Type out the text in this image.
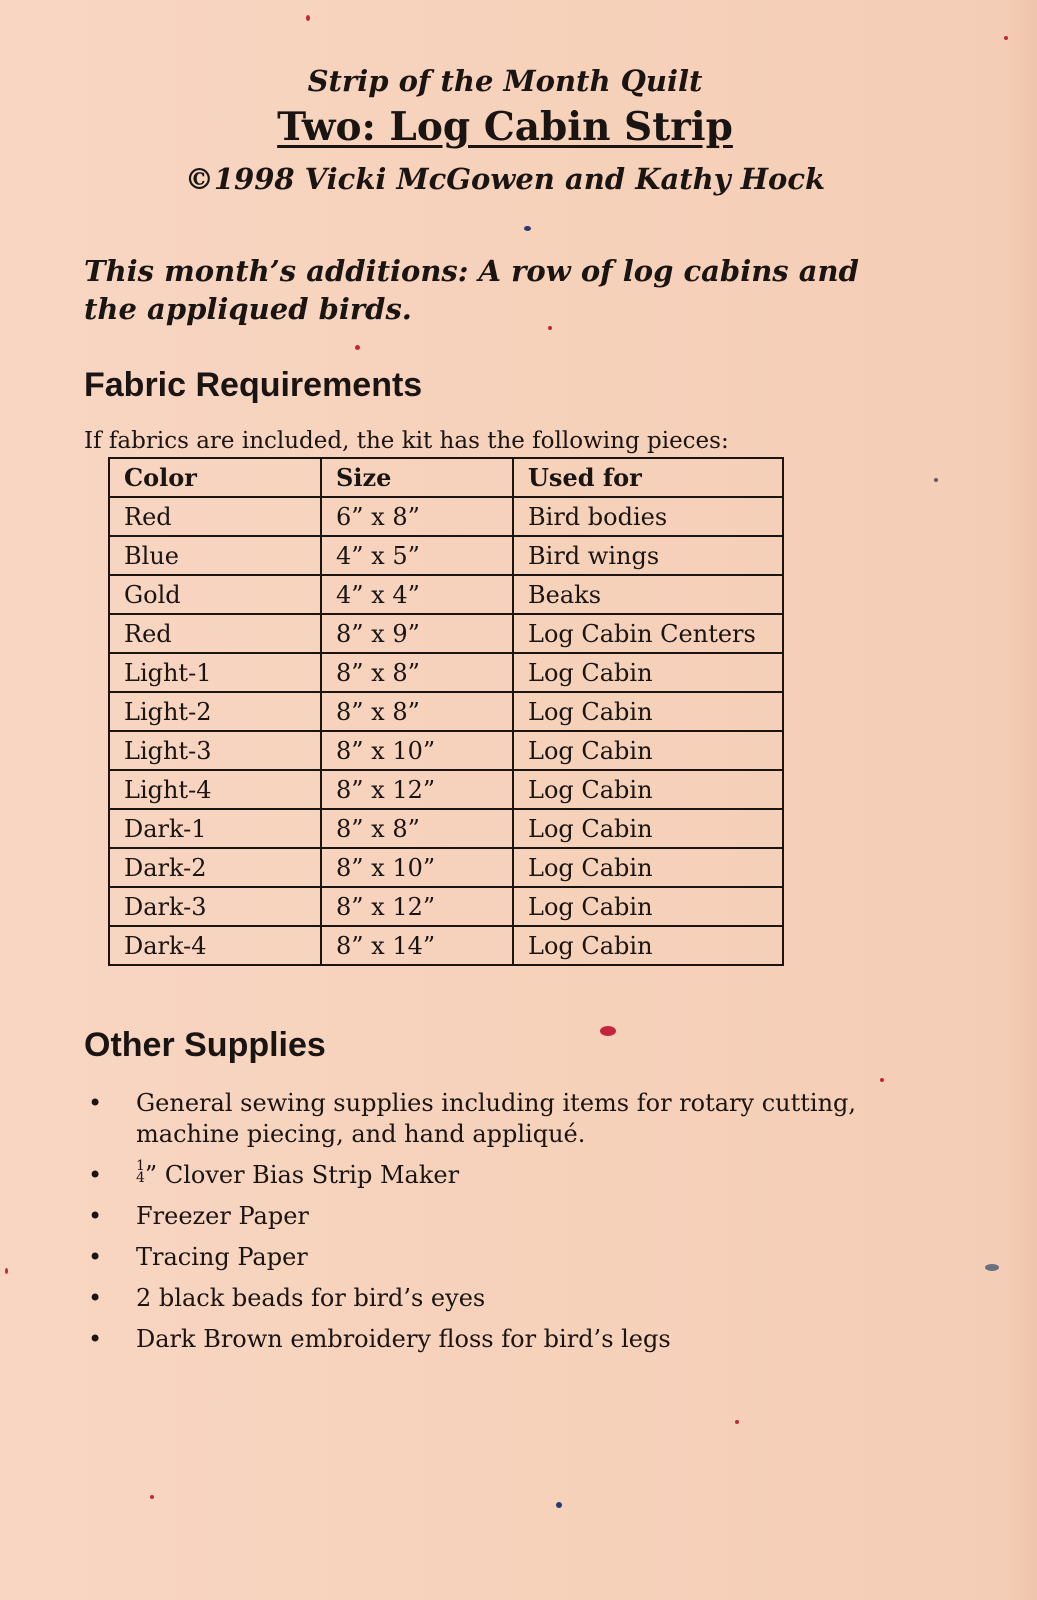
Strip of the Month Quilt
Two: Log Cabin Strip
©1998 Vicki McGowen and Kathy Hock
This month’s additions: A row of log cabins and the appliqued birds.
Fabric Requirements
If fabrics are included, the kit has the following pieces:
Color	Size	Used for
Red	6” x 8”	Bird bodies
Blue	4” x 5”	Bird wings
Gold	4” x 4”	Beaks
Red	8” x 9”	Log Cabin Centers
Light-1	8” x 8”	Log Cabin
Light-2	8” x 8”	Log Cabin
Light-3	8” x 10”	Log Cabin
Light-4	8” x 12”	Log Cabin
Dark-1	8” x 8”	Log Cabin
Dark-2	8” x 10”	Log Cabin
Dark-3	8” x 12”	Log Cabin
Dark-4	8” x 14”	Log Cabin
Other Supplies
• General sewing supplies including items for rotary cutting, machine piecing, and hand appliqué.
• 1
4” Clover Bias Strip Maker
• Freezer Paper
• Tracing Paper
• 2 black beads for bird’s eyes
• Dark Brown embroidery floss for bird’s legs
